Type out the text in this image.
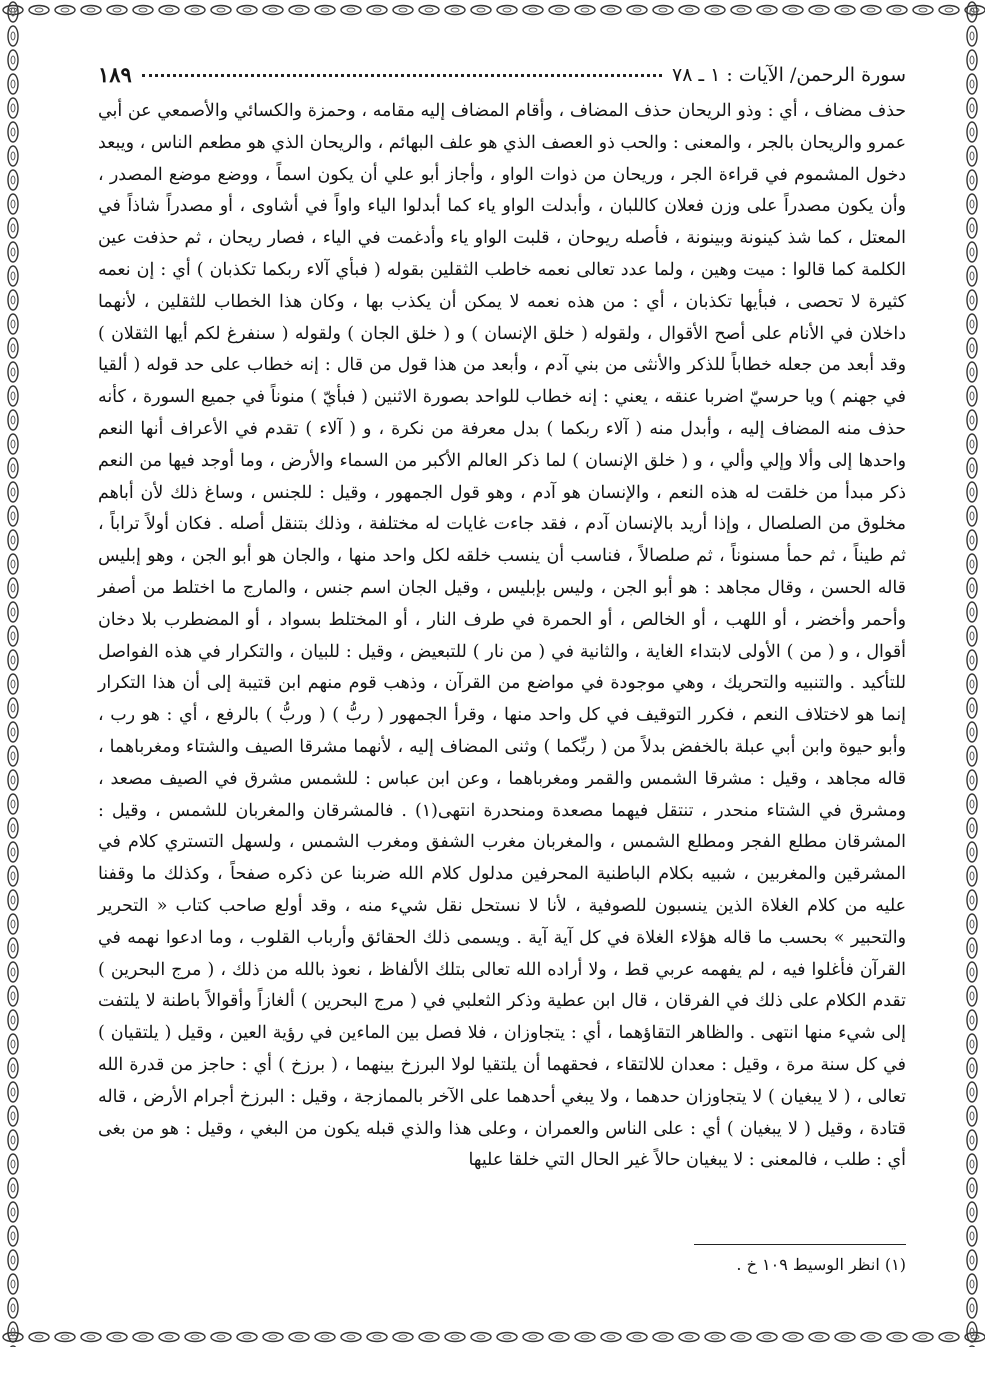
سورة الرحمن/ الآيات : ١ ـ ٧٨
١٨٩

حذف مضاف ، أي : وذو الريحان حذف المضاف ، وأقام المضاف إليه مقامه ، وحمزة والكسائي والأصمعي عن أبي عمرو والريحان بالجر ، والمعنى : والحب ذو العصف الذي هو علف البهائم ، والريحان الذي هو مطعم الناس ، ويبعد دخول المشموم في قراءة الجر ، وريحان من ذوات الواو ، وأجاز أبو علي أن يكون اسماً ، ووضع موضع المصدر ، وأن يكون مصدراً على وزن فعلان كاللبان ، وأبدلت الواو ياء كما أبدلوا الياء واواً في أشاوى ، أو مصدراً شاذاً في المعتل ، كما شذ كينونة وبينونة ، فأصله ريوحان ، قلبت الواو ياء وأدغمت في الياء ، فصار ريحان ، ثم حذفت عين الكلمة كما قالوا : ميت وهين ، ولما عدد تعالى نعمه خاطب الثقلين بقوله ( فبأي آلاء ربكما تكذبان ) أي : إن نعمه كثيرة لا تحصى ، فبأيها تكذبان ، أي : من هذه نعمه لا يمكن أن يكذب بها ، وكان هذا الخطاب للثقلين ، لأنهما داخلان في الأنام على أصح الأقوال ، ولقوله ( خلق الإنسان ) و ( خلق الجان ) ولقوله ( سنفرغ لكم أيها الثقلان ) وقد أبعد من جعله خطاباً للذكر والأنثى من بني آدم ، وأبعد من هذا قول من قال : إنه خطاب على حد قوله ( ألقيا في جهنم ) ويا حرسيّ اضربا عنقه ، يعني : إنه خطاب للواحد بصورة الاثنين ( فبأيّ ) منوناً في جميع السورة ، كأنه حذف منه المضاف إليه ، وأبدل منه ( آلاء ربكما ) بدل معرفة من نكرة ، و ( آلاء ) تقدم في الأعراف أنها النعم واحدها إلى وألا وإلي وألي ، و ( خلق الإنسان ) لما ذكر العالم الأكبر من السماء والأرض ، وما أوجد فيها من النعم ذكر مبدأ من خلقت له هذه النعم ، والإنسان هو آدم ، وهو قول الجمهور ، وقيل : للجنس ، وساغ ذلك لأن أباهم مخلوق من الصلصال ، وإذا أريد بالإنسان آدم ، فقد جاءت غايات له مختلفة ، وذلك بتنقل أصله . فكان أولاً تراباً ، ثم طيناً ، ثم حمأ مسنوناً ، ثم صلصالاً ، فناسب أن ينسب خلقه لكل واحد منها ، والجان هو أبو الجن ، وهو إبليس قاله الحسن ، وقال مجاهد : هو أبو الجن ، وليس بإبليس ، وقيل الجان اسم جنس ، والمارج ما اختلط من أصفر وأحمر وأخضر ، أو اللهب ، أو الخالص ، أو الحمرة في طرف النار ، أو المختلط بسواد ، أو المضطرب بلا دخان أقوال ، و ( من ) الأولى لابتداء الغاية ، والثانية في ( من نار ) للتبعيض ، وقيل : للبيان ، والتكرار في هذه الفواصل للتأكيد . والتنبيه والتحريك ، وهي موجودة في مواضع من القرآن ، وذهب قوم منهم ابن قتيبة إلى أن هذا التكرار إنما هو لاختلاف النعم ، فكرر التوقيف في كل واحد منها ، وقرأ الجمهور ( ربُّ ) ( وربُّ ) بالرفع ، أي : هو رب ، وأبو حيوة وابن أبي عبلة بالخفض بدلاً من ( ربِّكما ) وثنى المضاف إليه ، لأنهما مشرقا الصيف والشتاء ومغرباهما ، قاله مجاهد ، وقيل : مشرقا الشمس والقمر ومغرباهما ، وعن ابن عباس : للشمس مشرق في الصيف مصعد ، ومشرق في الشتاء منحدر ، تنتقل فيهما مصعدة ومنحدرة انتهى(١) . فالمشرقان والمغربان للشمس ، وقيل : المشرقان مطلع الفجر ومطلع الشمس ، والمغربان مغرب الشفق ومغرب الشمس ، ولسهل التستري كلام في المشرقين والمغربين ، شبيه بكلام الباطنية المحرفين مدلول كلام الله ضربنا عن ذكره صفحاً ، وكذلك ما وقفنا عليه من كلام الغلاة الذين ينسبون للصوفية ، لأنا لا نستحل نقل شيء منه ، وقد أولع صاحب كتاب « التحرير والتحبير » بحسب ما قاله هؤلاء الغلاة في كل آية آية . ويسمى ذلك الحقائق وأرباب القلوب ، وما ادعوا نهمه في القرآن فأغلوا فيه ، لم يفهمه عربي قط ، ولا أراده الله تعالى بتلك الألفاظ ، نعوذ بالله من ذلك ، ( مرج البحرين ) تقدم الكلام على ذلك في الفرقان ، قال ابن عطية وذكر الثعلبي في ( مرج البحرين ) ألغازاً وأقوالاً باطنة لا يلتفت إلى شيء منها انتهى . والظاهر التقاؤهما ، أي : يتجاوزان ، فلا فصل بين الماءين في رؤية العين ، وقيل ( يلتقيان ) في كل سنة مرة ، وقيل : معدان للالتقاء ، فحقهما أن يلتقيا لولا البرزخ بينهما ، ( برزخ ) أي : حاجز من قدرة الله تعالى ، ( لا يبغيان ) لا يتجاوزان حدهما ، ولا يبغي أحدهما على الآخر بالممازجة ، وقيل : البرزخ أجرام الأرض ، قاله قتادة ، وقيل ( لا يبغيان ) أي : على الناس والعمران ، وعلى هذا والذي قبله يكون من البغي ، وقيل : هو من بغى أي : طلب ، فالمعنى : لا يبغيان حالاً غير الحال التي خلقا عليها

(١) انظر الوسيط ١٠٩ خ .
